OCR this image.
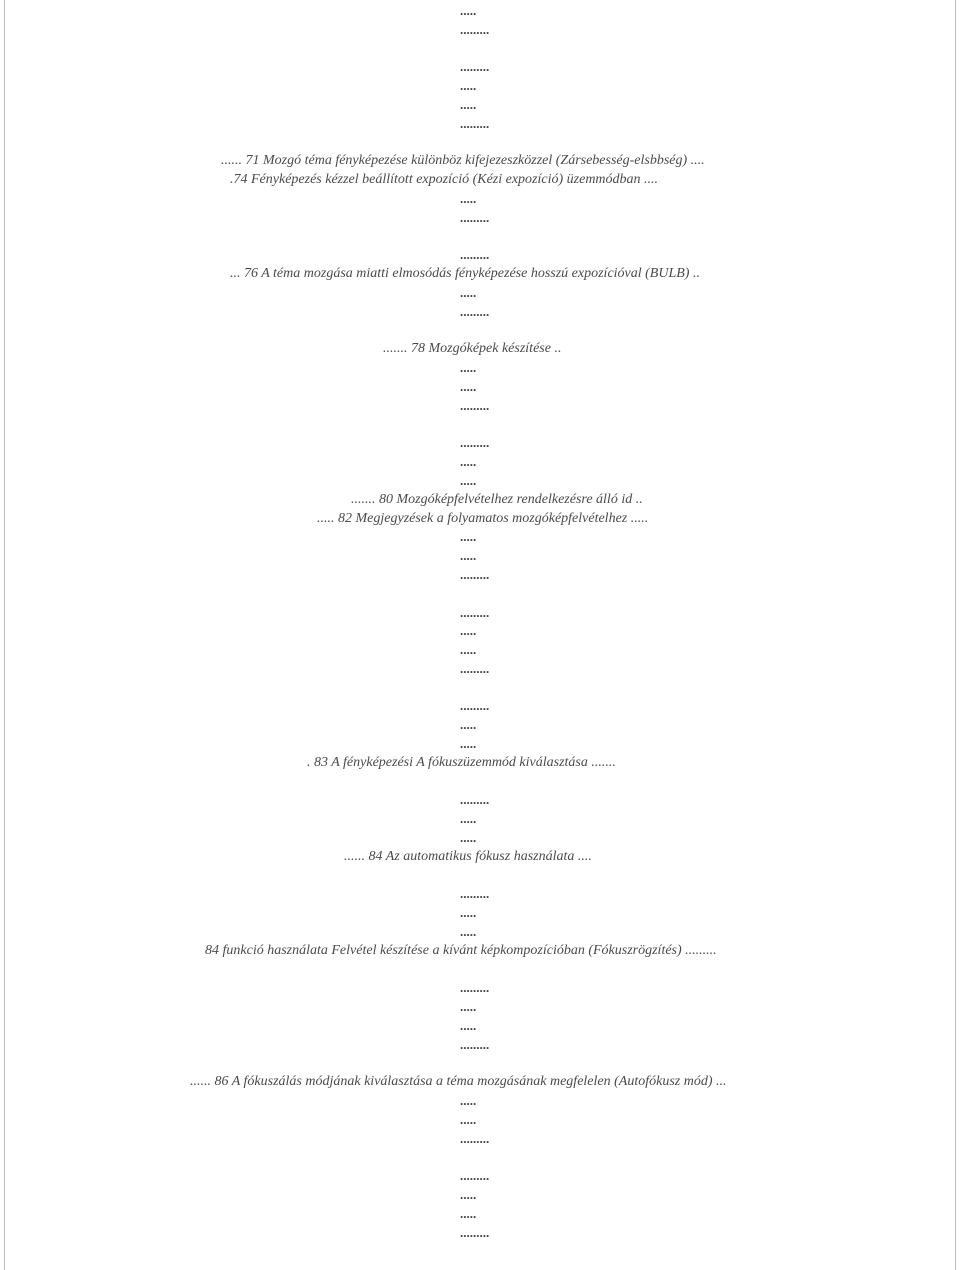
.....
.........
.........
.....
.....
.........
...... 71 Mozgó téma fényképezése különböz kifejezeszközzel (Zársebesség-elsbbség) ....
.74 Fényképezés kézzel beállított expozíció (Kézi expozíció) üzemmódban ....
.....
.........
.........
... 76 A téma mozgása miatti elmosódás fényképezése hosszú expozícióval (BULB) ..
.....
.........
....... 78 Mozgóképek készítése ..
.....
.....
.........
.........
.....
.....
....... 80 Mozgóképfelvételhez rendelkezésre álló id ..
..... 82 Megjegyzések a folyamatos mozgóképfelvételhez .....
.....
.....
.........
.........
.....
.....
.........
.........
.....
.....
. 83 A fényképezési A fókuszüzemmód kiválasztása .......
.........
.....
.....
...... 84 Az automatikus fókusz használata ....
.........
.....
.....
84 funkció használata Felvétel készítése a kívánt képkompozícióban (Fókuszrögzítés) .........
.........
.....
.....
.........
...... 86 A fókuszálás módjának kiválasztása a téma mozgásának megfelelen (Autofókusz mód) ...
.....
.....
.........
.........
.....
.....
.........
